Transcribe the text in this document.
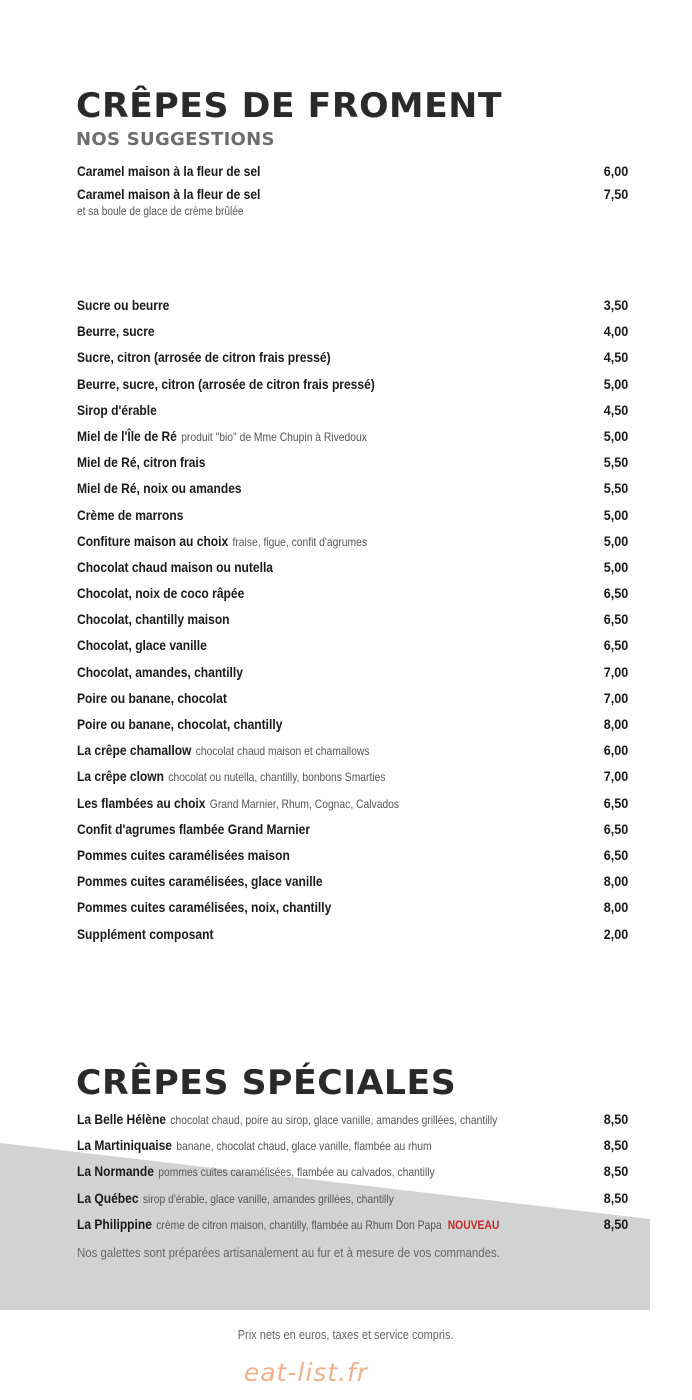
CRÊPES DE FROMENT
NOS SUGGESTIONS
Caramel maison à la fleur de sel	6,00
Caramel maison à la fleur de sel	7,50
et sa boule de glace de crème brûlée
Sucre ou beurre	3,50
Beurre, sucre	4,00
Sucre, citron (arrosée de citron frais pressé)	4,50
Beurre, sucre, citron (arrosée de citron frais pressé)	5,00
Sirop d'érable	4,50
Miel de l'Île de Ré produit "bio" de Mme Chupin à Rivedoux	5,00
Miel de Ré, citron frais	5,50
Miel de Ré, noix ou amandes	5,50
Crème de marrons	5,00
Confiture maison au choix fraise, figue, confit d'agrumes	5,00
Chocolat chaud maison ou nutella	5,00
Chocolat, noix de coco râpée	6,50
Chocolat, chantilly maison	6,50
Chocolat, glace vanille	6,50
Chocolat, amandes, chantilly	7,00
Poire ou banane, chocolat	7,00
Poire ou banane, chocolat, chantilly	8,00
La crêpe chamallow chocolat chaud maison et chamallows	6,00
La crêpe clown chocolat ou nutella, chantilly, bonbons Smarties	7,00
Les flambées au choix Grand Marnier, Rhum, Cognac, Calvados	6,50
Confit d'agrumes flambée Grand Marnier	6,50
Pommes cuites caramélisées maison	6,50
Pommes cuites caramélisées, glace vanille	8,00
Pommes cuites caramélisées, noix, chantilly	8,00
Supplément composant	2,00
CRÊPES SPÉCIALES
La Belle Hélène chocolat chaud, poire au sirop, glace vanille, amandes grillées, chantilly	8,50
La Martiniquaise banane, chocolat chaud, glace vanille, flambée au rhum	8,50
La Normande pommes cuites caramélisées, flambée au calvados, chantilly	8,50
La Québec sirop d'érable, glace vanille, amandes grillées, chantilly	8,50
La Philippine crème de citron maison, chantilly, flambée au Rhum Don Papa NOUVEAU	8,50
Nos galettes sont préparées artisanalement au fur et à mesure de vos commandes.
Prix nets en euros, taxes et service compris.
eat-list.fr
